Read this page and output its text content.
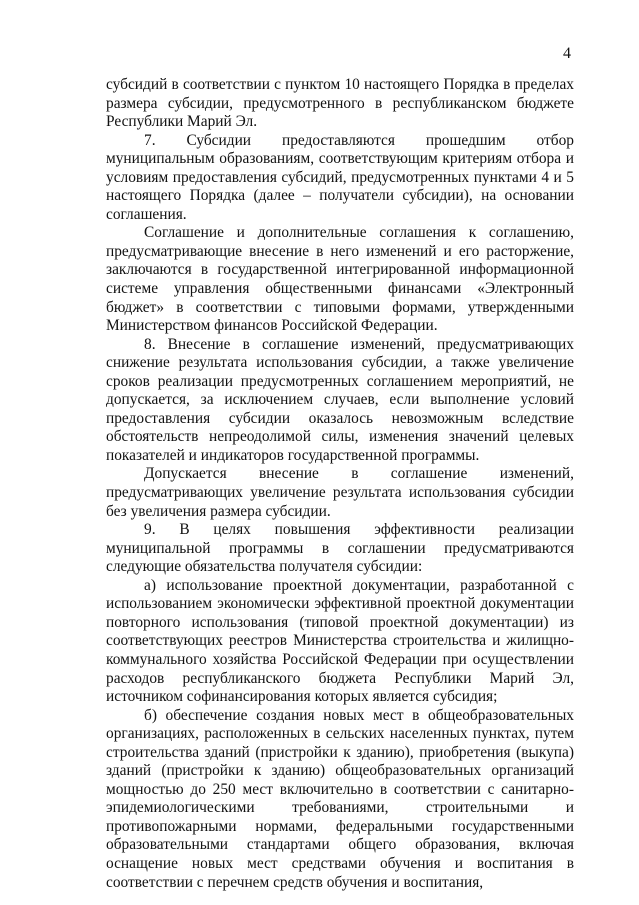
4

субсидий в соответствии с пунктом 10 настоящего Порядка в пределах размера субсидии, предусмотренного в республиканском бюджете Республики Марий Эл.

7. Субсидии предоставляются прошедшим отбор муниципальным образованиям, соответствующим критериям отбора и условиям предоставления субсидий, предусмотренных пунктами 4 и 5 настоящего Порядка (далее – получатели субсидии), на основании соглашения.

Соглашение и дополнительные соглашения к соглашению, предусматривающие внесение в него изменений и его расторжение, заключаются в государственной интегрированной информационной системе управления общественными финансами «Электронный бюджет» в соответствии с типовыми формами, утвержденными Министерством финансов Российской Федерации.

8. Внесение в соглашение изменений, предусматривающих снижение результата использования субсидии, а также увеличение сроков реализации предусмотренных соглашением мероприятий, не допускается, за исключением случаев, если выполнение условий предоставления субсидии оказалось невозможным вследствие обстоятельств непреодолимой силы, изменения значений целевых показателей и индикаторов государственной программы.

Допускается внесение в соглашение изменений, предусматривающих увеличение результата использования субсидии без увеличения размера субсидии.

9. В целях повышения эффективности реализации муниципальной программы в соглашении предусматриваются следующие обязательства получателя субсидии:

а) использование проектной документации, разработанной с использованием экономически эффективной проектной документации повторного использования (типовой проектной документации) из соответствующих реестров Министерства строительства и жилищно-коммунального хозяйства Российской Федерации при осуществлении расходов республиканского бюджета Республики Марий Эл, источником софинансирования которых является субсидия;

б) обеспечение создания новых мест в общеобразовательных организациях, расположенных в сельских населенных пунктах, путем строительства зданий (пристройки к зданию), приобретения (выкупа) зданий (пристройки к зданию) общеобразовательных организаций мощностью до 250 мест включительно в соответствии с санитарно-эпидемиологическими требованиями, строительными и противопожарными нормами, федеральными государственными образовательными стандартами общего образования, включая оснащение новых мест средствами обучения и воспитания в соответствии с перечнем средств обучения и воспитания,
